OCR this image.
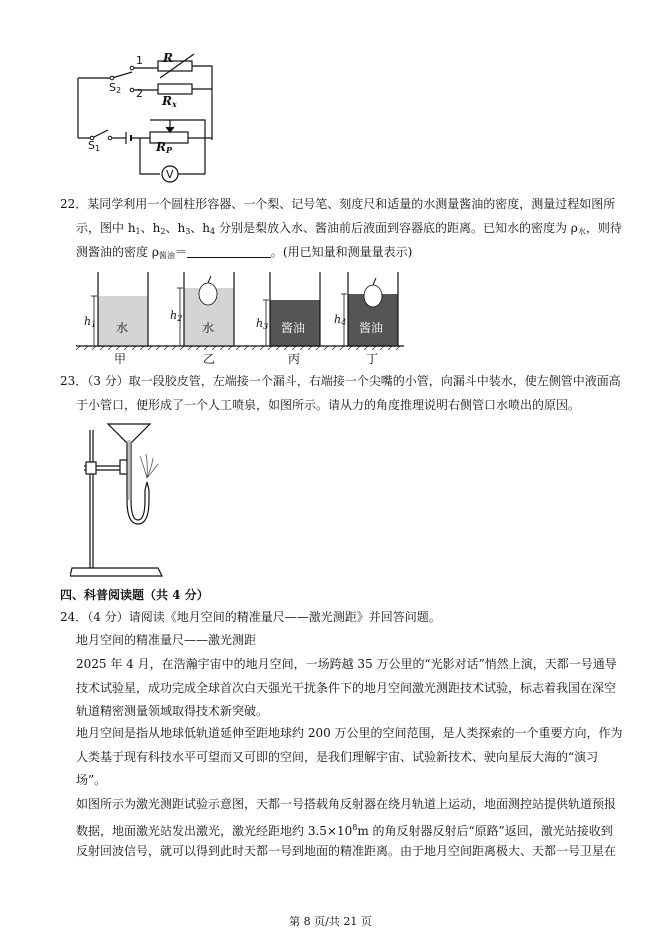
1
2
R
$R_x$
$S_2$
$S_1$	$R_P$
V
22．某同学利用一个圆柱形容器、一个梨、记号笔、刻度尺和适量的水测量酱油的密度，测量过程如图所
示，图中 $h_1$、$h_2$、$h_3$、$h_4$ 分别是梨放入水、酱油前后液面到容器底的距离。已知水的密度为 $\rho_水$，则待
测酱油的密度 $\rho_{酱油}=$	。(用已知量和测量量表示)
$h_1$ 水
甲
$h_2$
水
乙
$h_3$ 酱油
丙
$h_4$ 酱油
丁
23．（3 分）取一段胶皮管，左端接一个漏斗，右端接一个尖嘴的小管，向漏斗中装水，使左侧管中液面高
于小管口，便形成了一个人工喷泉，如图所示。请从力的角度推理说明右侧管口水喷出的原因。
四、科普阅读题（共 4 分）
24．（4 分）请阅读《地月空间的精准量尺——激光测距》并回答问题。
地月空间的精准量尺——激光测距
2025 年 4 月，在浩瀚宇宙中的地月空间，一场跨越 35 万公里的“光影对话”悄然上演，天都一号通导
技术试验星，成功完成全球首次白天强光干扰条件下的地月空间激光测距技术试验，标志着我国在深空
轨道精密测量领域取得技术新突破。
地月空间是指从地球低轨道延伸至距地球约 200 万公里的空间范围，是人类探索的一个重要方向，作为
人类基于现有科技水平可望而又可即的空间，是我们理解宇宙、试验新技术、驶向星辰大海的“演习
场”。
如图所示为激光测距试验示意图，天都一号搭载角反射器在绕月轨道上运动，地面测控站提供轨道预报
数据，地面激光站发出激光，激光经距地约 $3.5\times 10^8m$ 的角反射器反射后“原路”返回，激光站接收到
反射回波信号，就可以得到此时天都一号到地面的精准距离。由于地月空间距离极大、天都一号卫星在
第 8 页/共 21 页
